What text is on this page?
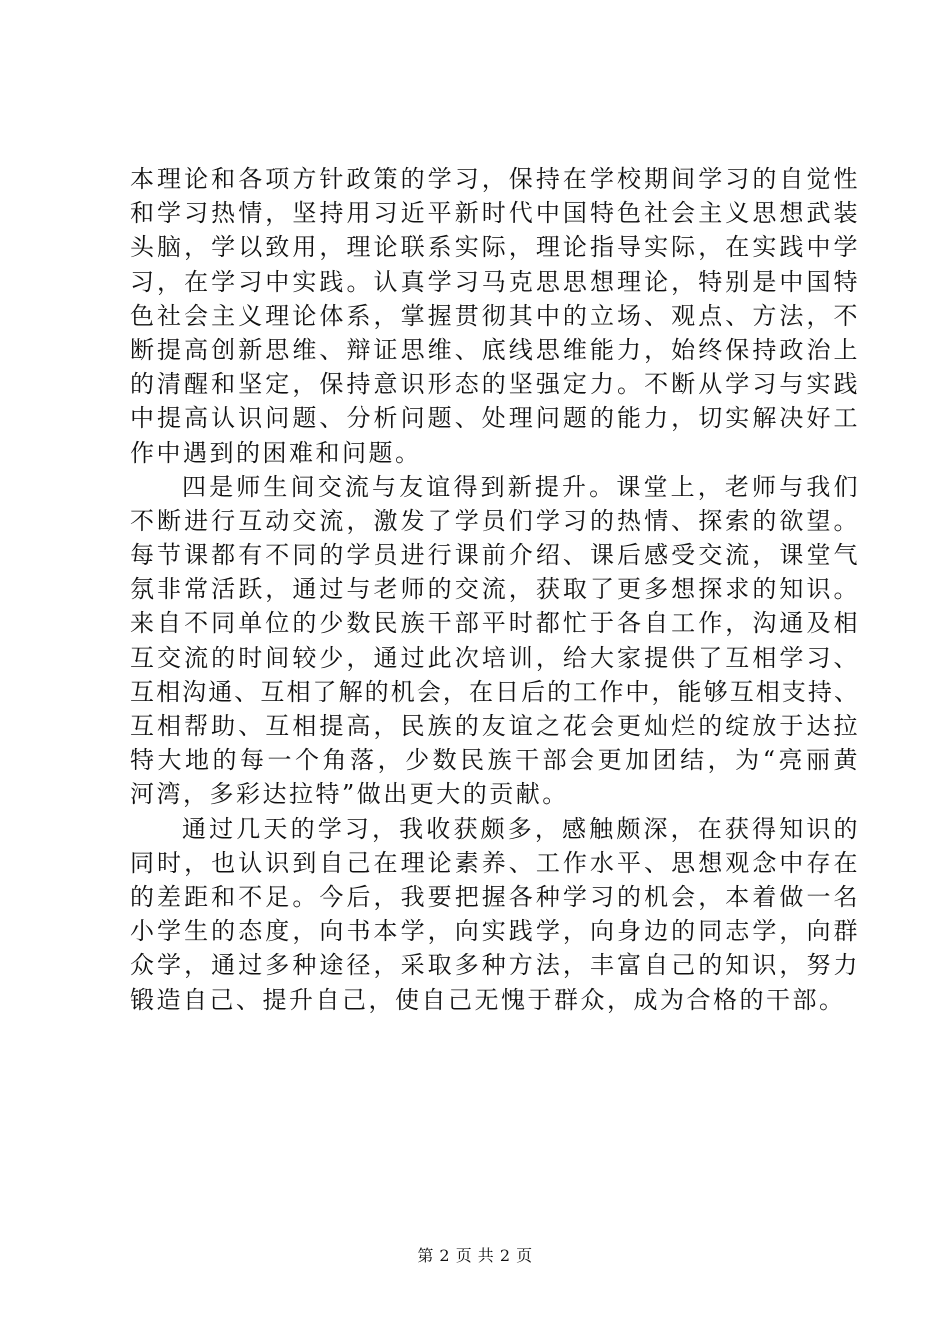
本理论和各项方针政策的学习，保持在学校期间学习的自觉性
和学习热情，坚持用习近平新时代中国特色社会主义思想武装
头脑，学以致用，理论联系实际，理论指导实际，在实践中学
习，在学习中实践。认真学习马克思思想理论，特别是中国特
色社会主义理论体系，掌握贯彻其中的立场、观点、方法，不
断提高创新思维、辩证思维、底线思维能力，始终保持政治上
的清醒和坚定，保持意识形态的坚强定力。不断从学习与实践
中提高认识问题、分析问题、处理问题的能力，切实解决好工
作中遇到的困难和问题。
四是师生间交流与友谊得到新提升。课堂上，老师与我们
不断进行互动交流，激发了学员们学习的热情、探索的欲望。
每节课都有不同的学员进行课前介绍、课后感受交流，课堂气
氛非常活跃，通过与老师的交流，获取了更多想探求的知识。
来自不同单位的少数民族干部平时都忙于各自工作，沟通及相
互交流的时间较少，通过此次培训，给大家提供了互相学习、
互相沟通、互相了解的机会，在日后的工作中，能够互相支持、
互相帮助、互相提高，民族的友谊之花会更灿烂的绽放于达拉
特大地的每一个角落，少数民族干部会更加团结，为“亮丽黄
河湾，多彩达拉特”做出更大的贡献。
通过几天的学习，我收获颇多，感触颇深，在获得知识的
同时，也认识到自己在理论素养、工作水平、思想观念中存在
的差距和不足。今后，我要把握各种学习的机会，本着做一名
小学生的态度，向书本学，向实践学，向身边的同志学，向群
众学，通过多种途径，采取多种方法，丰富自己的知识，努力
锻造自己、提升自己，使自己无愧于群众，成为合格的干部。
第 2 页 共 2 页
